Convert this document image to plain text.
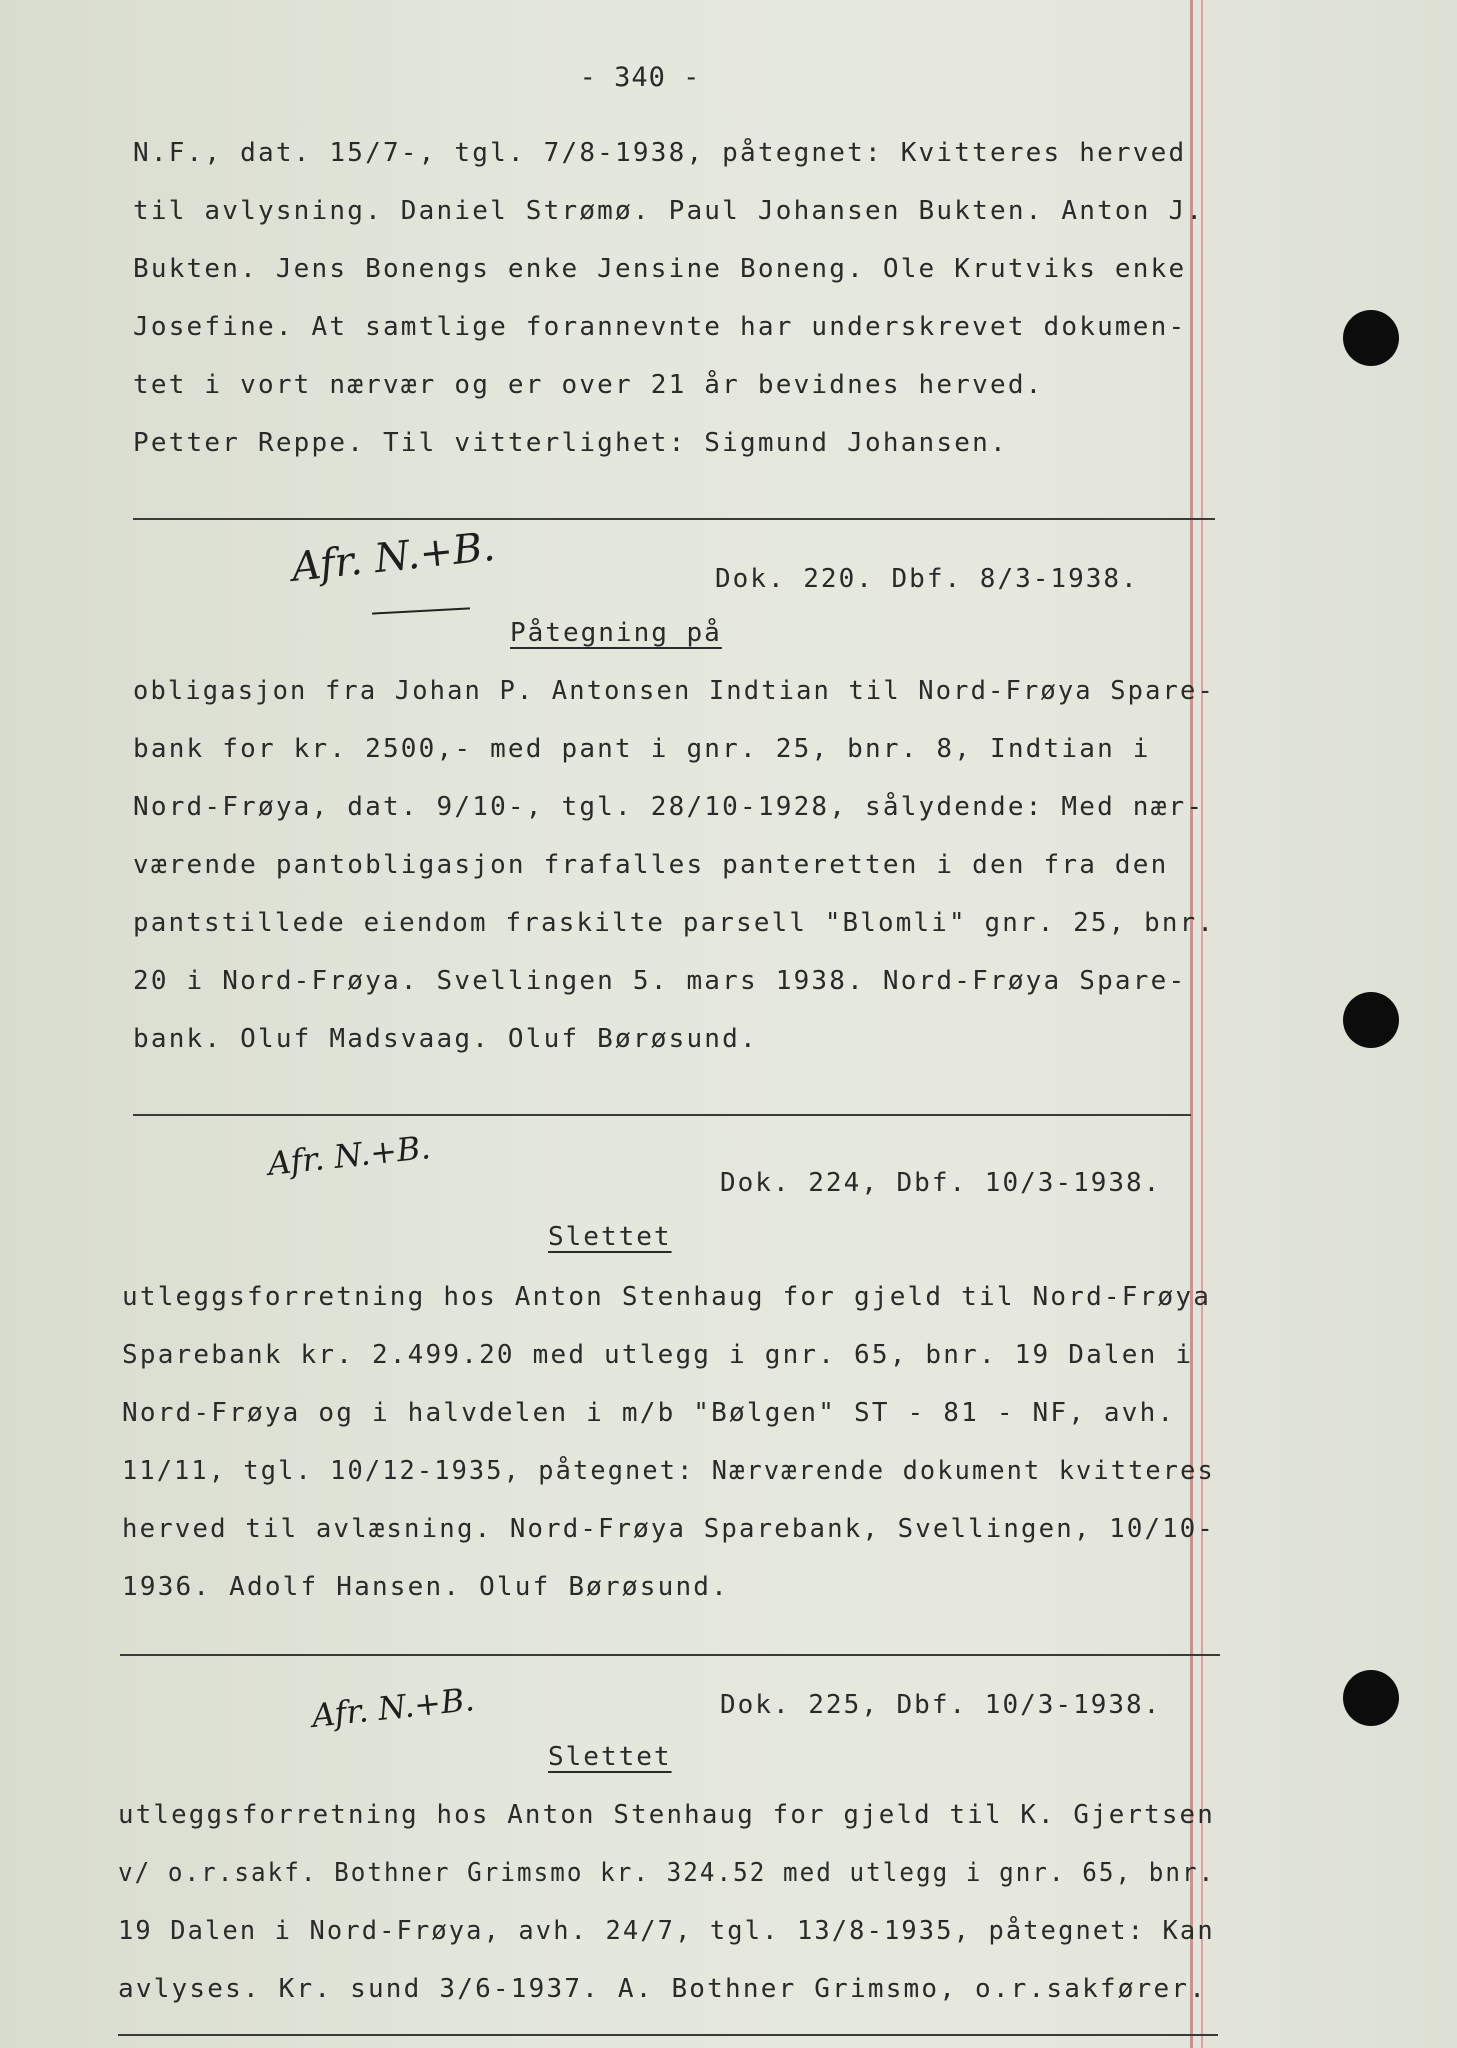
- 340 -
N.F., dat. 15/7-, tgl. 7/8-1938, påtegnet: Kvitteres herved
til avlysning. Daniel Strømø. Paul Johansen Bukten. Anton J.
Bukten. Jens Bonengs enke Jensine Boneng. Ole Krutviks enke
Josefine. At samtlige forannevnte har underskrevet dokumen-
tet i vort nærvær og er over 21 år bevidnes herved.
Petter Reppe. Til vitterlighet: Sigmund Johansen.
Afr. N.+B.	Dok. 220. Dbf. 8/3-1938.
Påtegning på
obligasjon fra Johan P. Antonsen Indtian til Nord-Frøya Spare-
bank for kr. 2500,- med pant i gnr. 25, bnr. 8, Indtian i
Nord-Frøya, dat. 9/10-, tgl. 28/10-1928, sålydende: Med nær-
værende pantobligasjon frafalles panteretten i den fra den
pantstillede eiendom fraskilte parsell "Blomli" gnr. 25, bnr.
20 i Nord-Frøya. Svellingen 5. mars 1938. Nord-Frøya Spare-
bank. Oluf Madsvaag. Oluf Børøsund.
Afr. N.+B.
Dok. 224, Dbf. 10/3-1938.
Slettet
utleggsforretning hos Anton Stenhaug for gjeld til Nord-Frøya
Sparebank kr. 2.499.20 med utlegg i gnr. 65, bnr. 19 Dalen i
Nord-Frøya og i halvdelen i m/b "Bølgen" ST - 81 - NF, avh.
11/11, tgl. 10/12-1935, påtegnet: Nærværende dokument kvitteres
herved til avlæsning. Nord-Frøya Sparebank, Svellingen, 10/10-
1936. Adolf Hansen. Oluf Børøsund.
Afr. N.+B.	Dok. 225, Dbf. 10/3-1938.
Slettet
utleggsforretning hos Anton Stenhaug for gjeld til K. Gjertsen
v/ o.r.sakf. Bothner Grimsmo kr. 324.52 med utlegg i gnr. 65, bnr.
19 Dalen i Nord-Frøya, avh. 24/7, tgl. 13/8-1935, påtegnet: Kan
avlyses. Kr. sund 3/6-1937. A. Bothner Grimsmo, o.r.sakfører.
